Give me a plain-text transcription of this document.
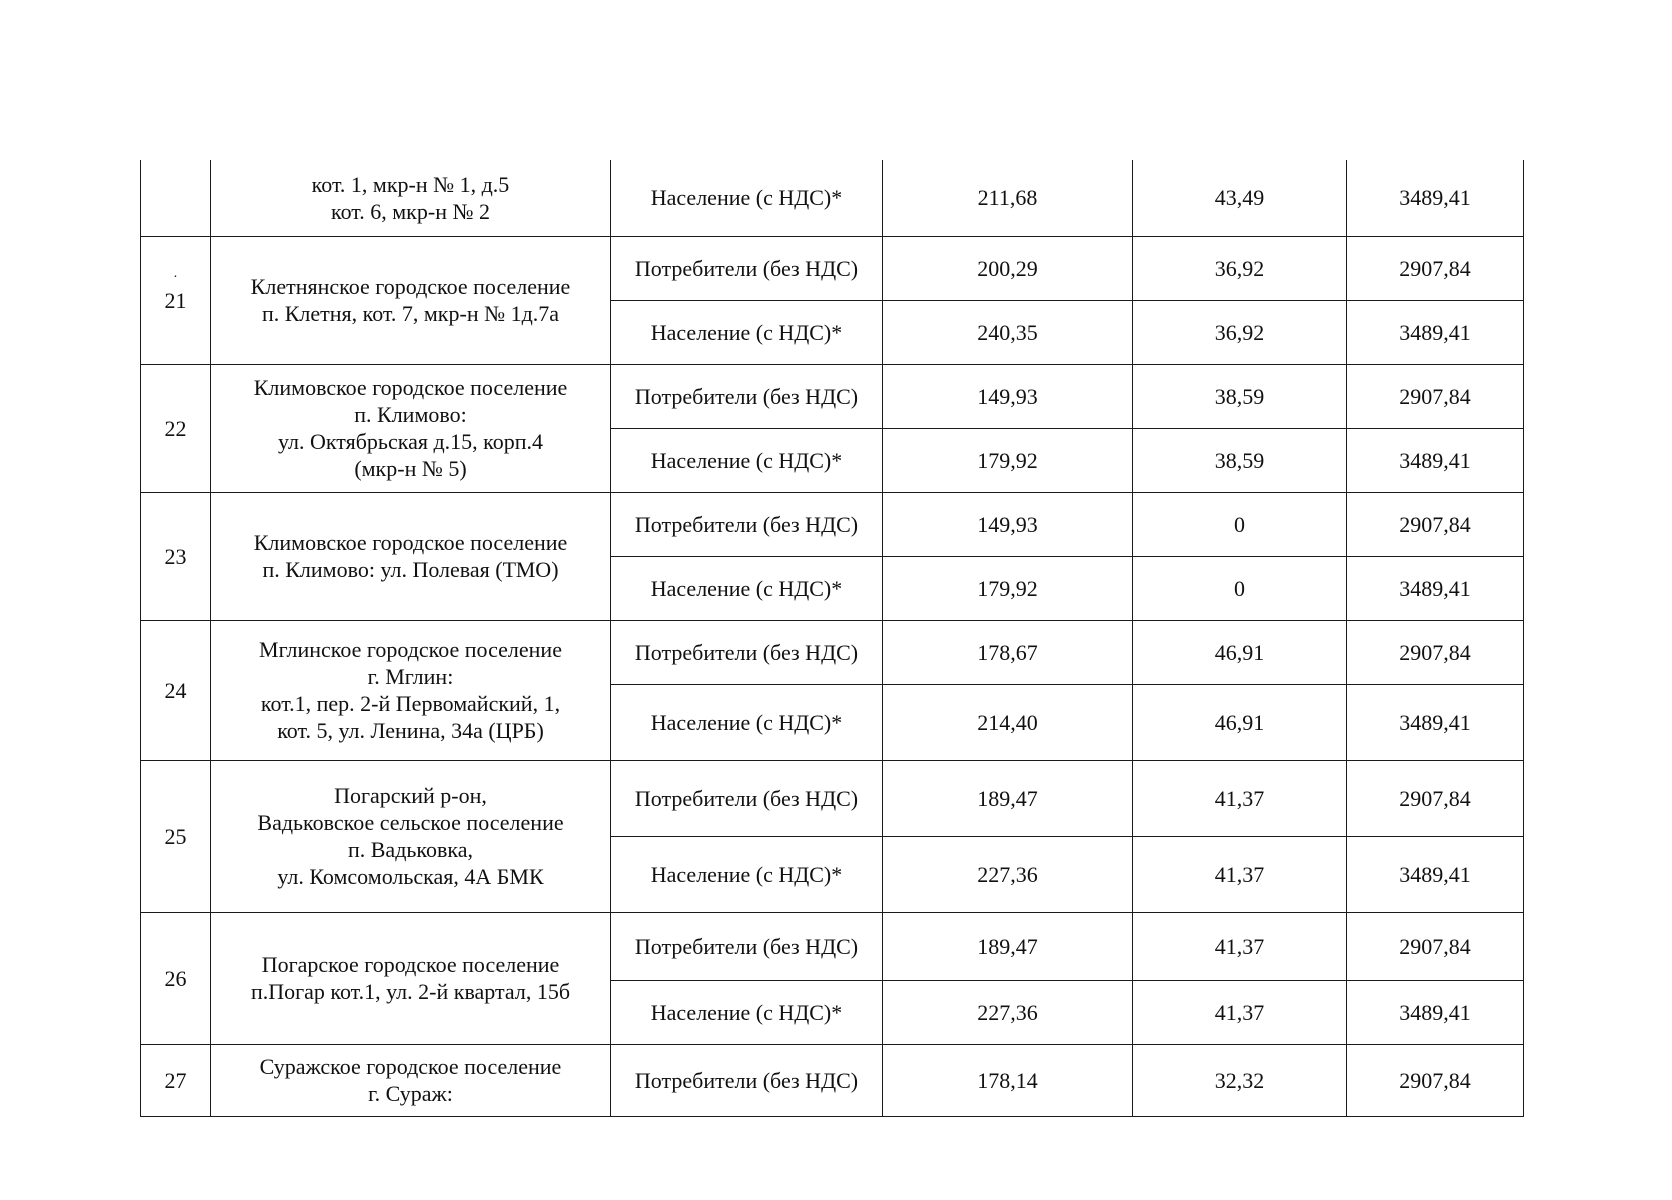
	кот. 1, мкр-н № 1, д.5
кот. 6, мкр-н № 2	Население (с НДС)*	211,68	43,49	3489,41

·
21	Клетнянское городское поселение
п. Клетня, кот. 7, мкр-н № 1д.7а	Потребители (без НДС)	200,29	36,92	2907,84
		Население (с НДС)*	240,35	36,92	3489,41
22	Климовское городское поселение
п. Климово:
ул. Октябрьская д.15, корп.4
(мкр-н № 5)	Потребители (без НДС)	149,93	38,59	2907,84
		Население (с НДС)*	179,92	38,59	3489,41
23	Климовское городское поселение
п. Климово: ул. Полевая (ТМО)	Потребители (без НДС)	149,93	0	2907,84
		Население (с НДС)*	179,92	0	3489,41
24	Мглинское городское поселение
г. Мглин:
кот.1, пер. 2-й Первомайский, 1,
кот. 5, ул. Ленина, 34а (ЦРБ)	Потребители (без НДС)	178,67	46,91	2907,84
		Население (с НДС)*	214,40	46,91	3489,41
25	Погарский р-он,
Вадьковское сельское поселение
п. Вадьковка,
ул. Комсомольская, 4А БМК	Потребители (без НДС)	189,47	41,37	2907,84
		Население (с НДС)*	227,36	41,37	3489,41
26	Погарское городское поселение
п.Погар кот.1, ул. 2-й квартал, 15б	Потребители (без НДС)	189,47	41,37	2907,84
		Население (с НДС)*	227,36	41,37	3489,41
27	Суражское городское поселение
г. Сураж:	Потребители (без НДС)	178,14	32,32	2907,84
